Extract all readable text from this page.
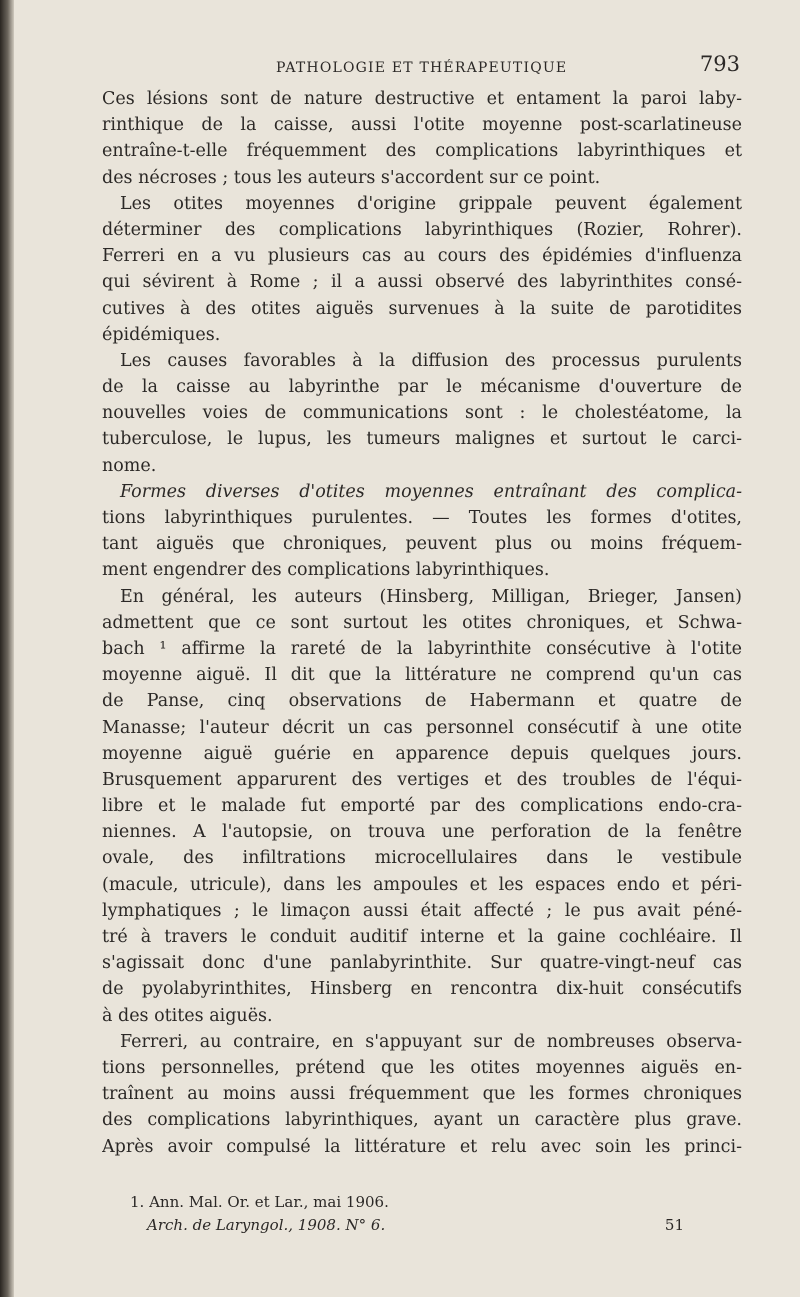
PATHOLOGIE ET THÉRAPEUTIQUE	793
Ces lésions sont de nature destructive et entament la paroi laby-
rinthique de la caisse, aussi l'otite moyenne post-scarlatineuse
entraîne-t-elle fréquemment des complications labyrinthiques et
des nécroses ; tous les auteurs s'accordent sur ce point.
Les otites moyennes d'origine grippale peuvent également
déterminer des complications labyrinthiques (Rozier, Rohrer).
Ferreri en a vu plusieurs cas au cours des épidémies d'influenza
qui sévirent à Rome ; il a aussi observé des labyrinthites consé-
cutives à des otites aiguës survenues à la suite de parotidites
épidémiques.
Les causes favorables à la diffusion des processus purulents
de la caisse au labyrinthe par le mécanisme d'ouverture de
nouvelles voies de communications sont : le cholestéatome, la
tuberculose, le lupus, les tumeurs malignes et surtout le carci-
nome.
Formes diverses d'otites moyennes entraînant des complica-
tions labyrinthiques purulentes. — Toutes les formes d'otites,
tant aiguës que chroniques, peuvent plus ou moins fréquem-
ment engendrer des complications labyrinthiques.
En général, les auteurs (Hinsberg, Milligan, Brieger, Jansen)
admettent que ce sont surtout les otites chroniques, et Schwa-
bach ¹ affirme la rareté de la labyrinthite consécutive à l'otite
moyenne aiguë. Il dit que la littérature ne comprend qu'un cas
de Panse, cinq observations de Habermann et quatre de
Manasse; l'auteur décrit un cas personnel consécutif à une otite
moyenne aiguë guérie en apparence depuis quelques jours.
Brusquement apparurent des vertiges et des troubles de l'équi-
libre et le malade fut emporté par des complications endo-cra-
niennes. A l'autopsie, on trouva une perforation de la fenêtre
ovale, des infiltrations microcellulaires dans le vestibule
(macule, utricule), dans les ampoules et les espaces endo et péri-
lymphatiques ; le limaçon aussi était affecté ; le pus avait péné-
tré à travers le conduit auditif interne et la gaine cochléaire. Il
s'agissait donc d'une panlabyrinthite. Sur quatre-vingt-neuf cas
de pyolabyrinthites, Hinsberg en rencontra dix-huit consécutifs
à des otites aiguës.
Ferreri, au contraire, en s'appuyant sur de nombreuses observa-
tions personnelles, prétend que les otites moyennes aiguës en-
traînent au moins aussi fréquemment que les formes chroniques
des complications labyrinthiques, ayant un caractère plus grave.
Après avoir compulsé la littérature et relu avec soin les princi-
1. Ann. Mal. Or. et Lar., mai 1906.
Arch. de Laryngol., 1908. N° 6.	51
